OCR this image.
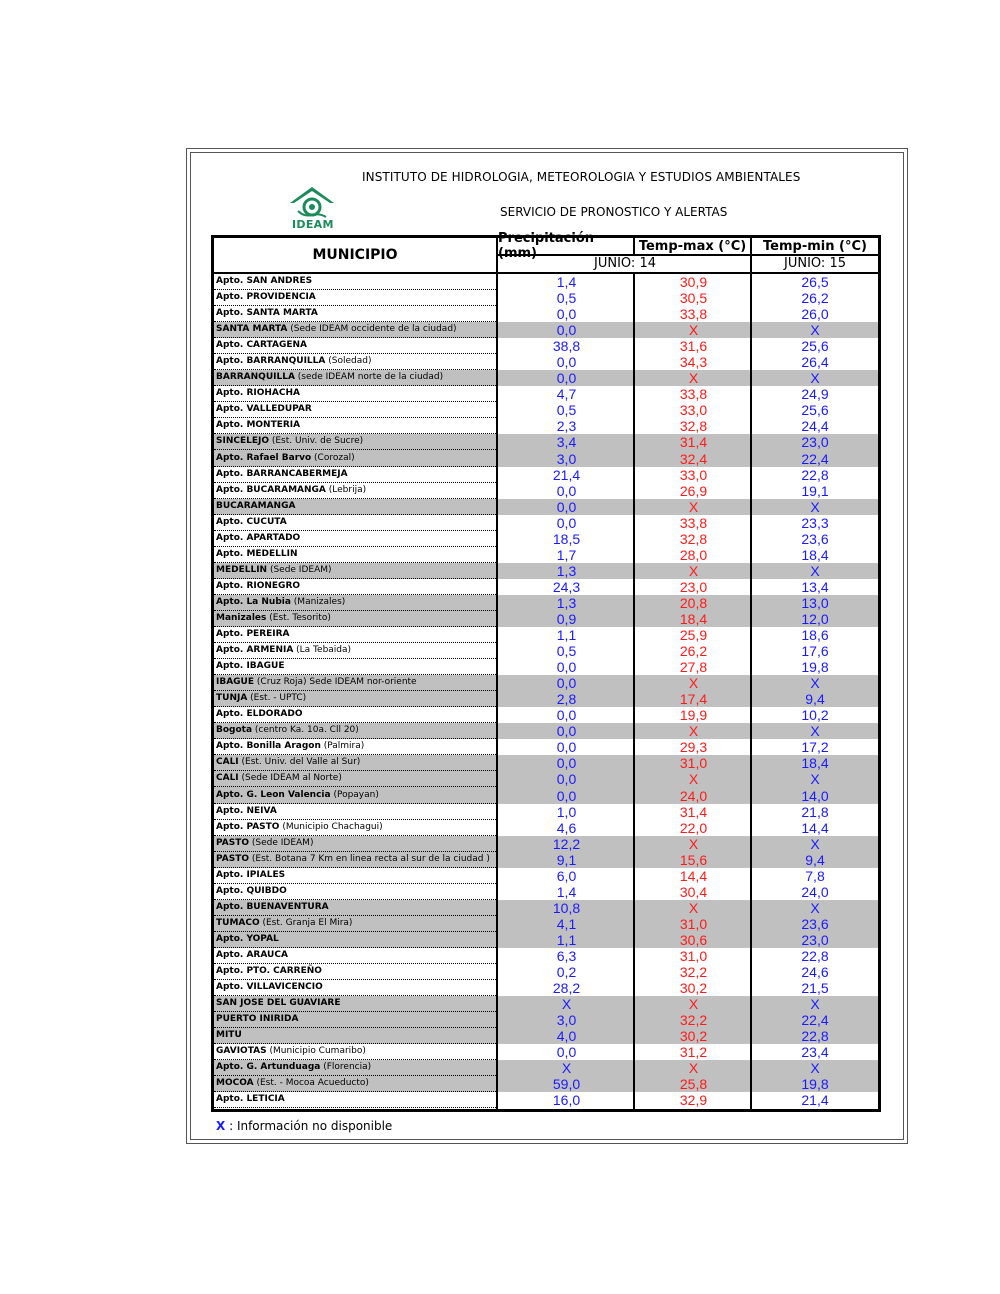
INSTITUTO DE HIDROLOGIA, METEOROLOGIA Y ESTUDIOS AMBIENTALES
IDEAM
SERVICIO DE PRONOSTICO Y ALERTAS
MUNICIPIO
Precipitación (mm)	Temp-max (°C)	Temp-min (°C)
JUNIO: 14	JUNIO: 15
Apto. SAN ANDRES	1,4	30,9	26,5
Apto. PROVIDENCIA	0,5	30,5	26,2
Apto. SANTA MARTA	0,0	33,8	26,0
SANTA MARTA (Sede IDEAM occidente de la ciudad)	0,0	X	X
Apto. CARTAGENA	38,8	31,6	25,6
Apto. BARRANQUILLA (Soledad)	0,0	34,3	26,4
BARRANQUILLA (sede IDEAM norte de la ciudad)	0,0	X	X
Apto. RIOHACHA	4,7	33,8	24,9
Apto. VALLEDUPAR	0,5	33,0	25,6
Apto. MONTERIA	2,3	32,8	24,4
SINCELEJO (Est. Univ. de Sucre)	3,4	31,4	23,0
Apto. Rafael Barvo (Corozal)	3,0	32,4	22,4
Apto. BARRANCABERMEJA	21,4	33,0	22,8
Apto. BUCARAMANGA (Lebrija)	0,0	26,9	19,1
BUCARAMANGA	0,0	X	X
Apto. CUCUTA	0,0	33,8	23,3
Apto. APARTADO	18,5	32,8	23,6
Apto. MEDELLIN	1,7	28,0	18,4
MEDELLIN (Sede IDEAM)	1,3	X	X
Apto. RIONEGRO	24,3	23,0	13,4
Apto. La Nubia (Manizales)	1,3	20,8	13,0
Manizales (Est. Tesorito)	0,9	18,4	12,0
Apto. PEREIRA	1,1	25,9	18,6
Apto. ARMENIA (La Tebaida)	0,5	26,2	17,6
Apto. IBAGUE	0,0	27,8	19,8
IBAGUE (Cruz Roja) Sede IDEAM nor-oriente	0,0	X	X
TUNJA (Est. - UPTC)	2,8	17,4	9,4
Apto. ELDORADO	0,0	19,9	10,2
Bogota (centro Ka. 10a. Cll 20)	0,0	X	X
Apto. Bonilla Aragon (Palmira)	0,0	29,3	17,2
CALI (Est. Univ. del Valle al Sur)	0,0	31,0	18,4
CALI (Sede IDEAM al Norte)	0,0	X	X
Apto. G. Leon Valencia (Popayan)	0,0	24,0	14,0
Apto. NEIVA	1,0	31,4	21,8
Apto. PASTO (Municipio Chachagui)	4,6	22,0	14,4
PASTO (Sede IDEAM)	12,2	X	X
PASTO (Est. Botana 7 Km en linea recta al sur de la ciudad )	9,1	15,6	9,4
Apto. IPIALES	6,0	14,4	7,8
Apto. QUIBDO	1,4	30,4	24,0
Apto. BUENAVENTURA	10,8	X	X
TUMACO (Est. Granja El Mira)	4,1	31,0	23,6
Apto. YOPAL	1,1	30,6	23,0
Apto. ARAUCA	6,3	31,0	22,8
Apto. PTO. CARREÑO	0,2	32,2	24,6
Apto. VILLAVICENCIO	28,2	30,2	21,5
SAN JOSE DEL GUAVIARE	X	X	X
PUERTO INIRIDA	3,0	32,2	22,4
MITU	4,0	30,2	22,8
GAVIOTAS (Municipio Cumaribo)	0,0	31,2	23,4
Apto. G. Artunduaga (Florencia)	X	X	X
MOCOA (Est. - Mocoa Acueducto)	59,0	25,8	19,8
Apto. LETICIA	16,0	32,9	21,4
X : Información no disponible
